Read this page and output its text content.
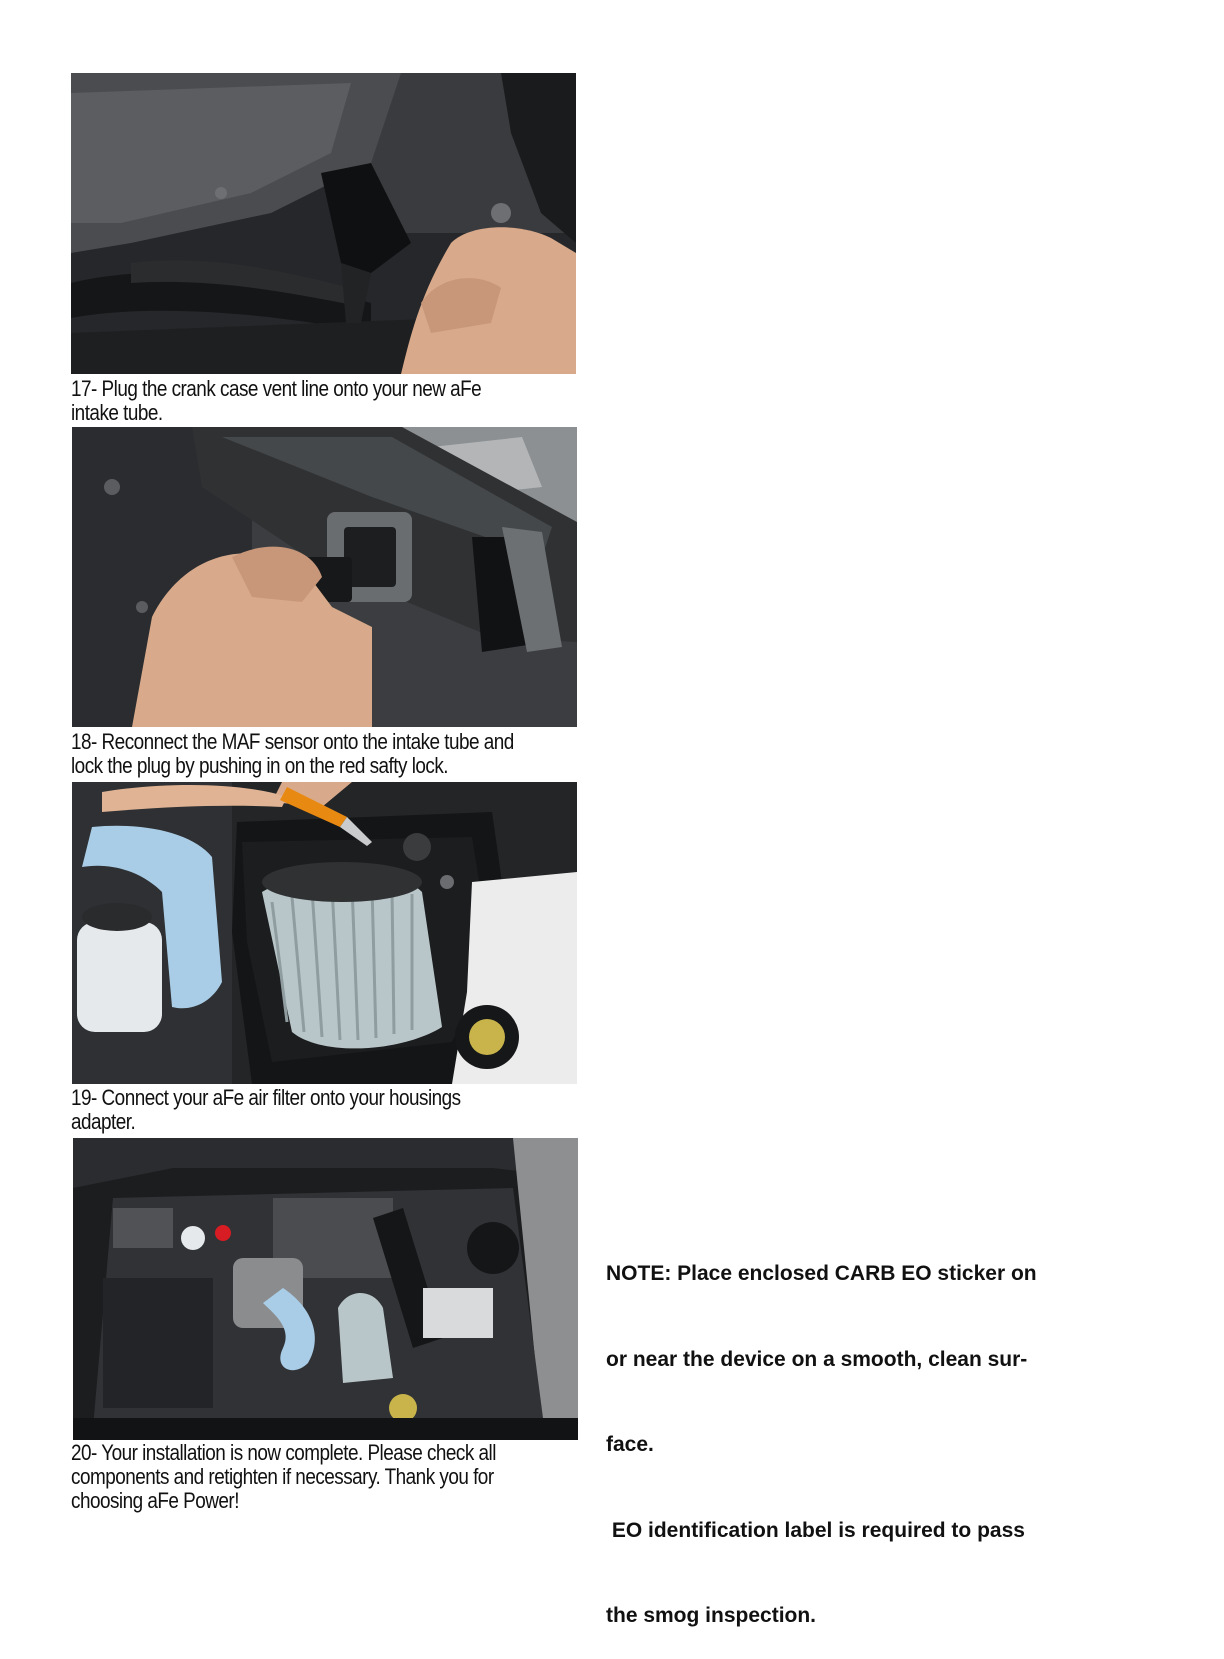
17- Plug the crank case vent line onto your new aFe
intake tube.
18- Reconnect the MAF sensor onto the intake tube and
lock the plug by pushing in on the red safty lock.
19- Connect your aFe air filter onto your housings
adapter.
20- Your installation is now complete. Please check all
components and retighten if necessary. Thank you for
choosing aFe Power!

NOTE: Place enclosed CARB EO sticker on

or near the device on a smooth, clean sur-

face.

EO identification label is required to pass

the smog inspection.
